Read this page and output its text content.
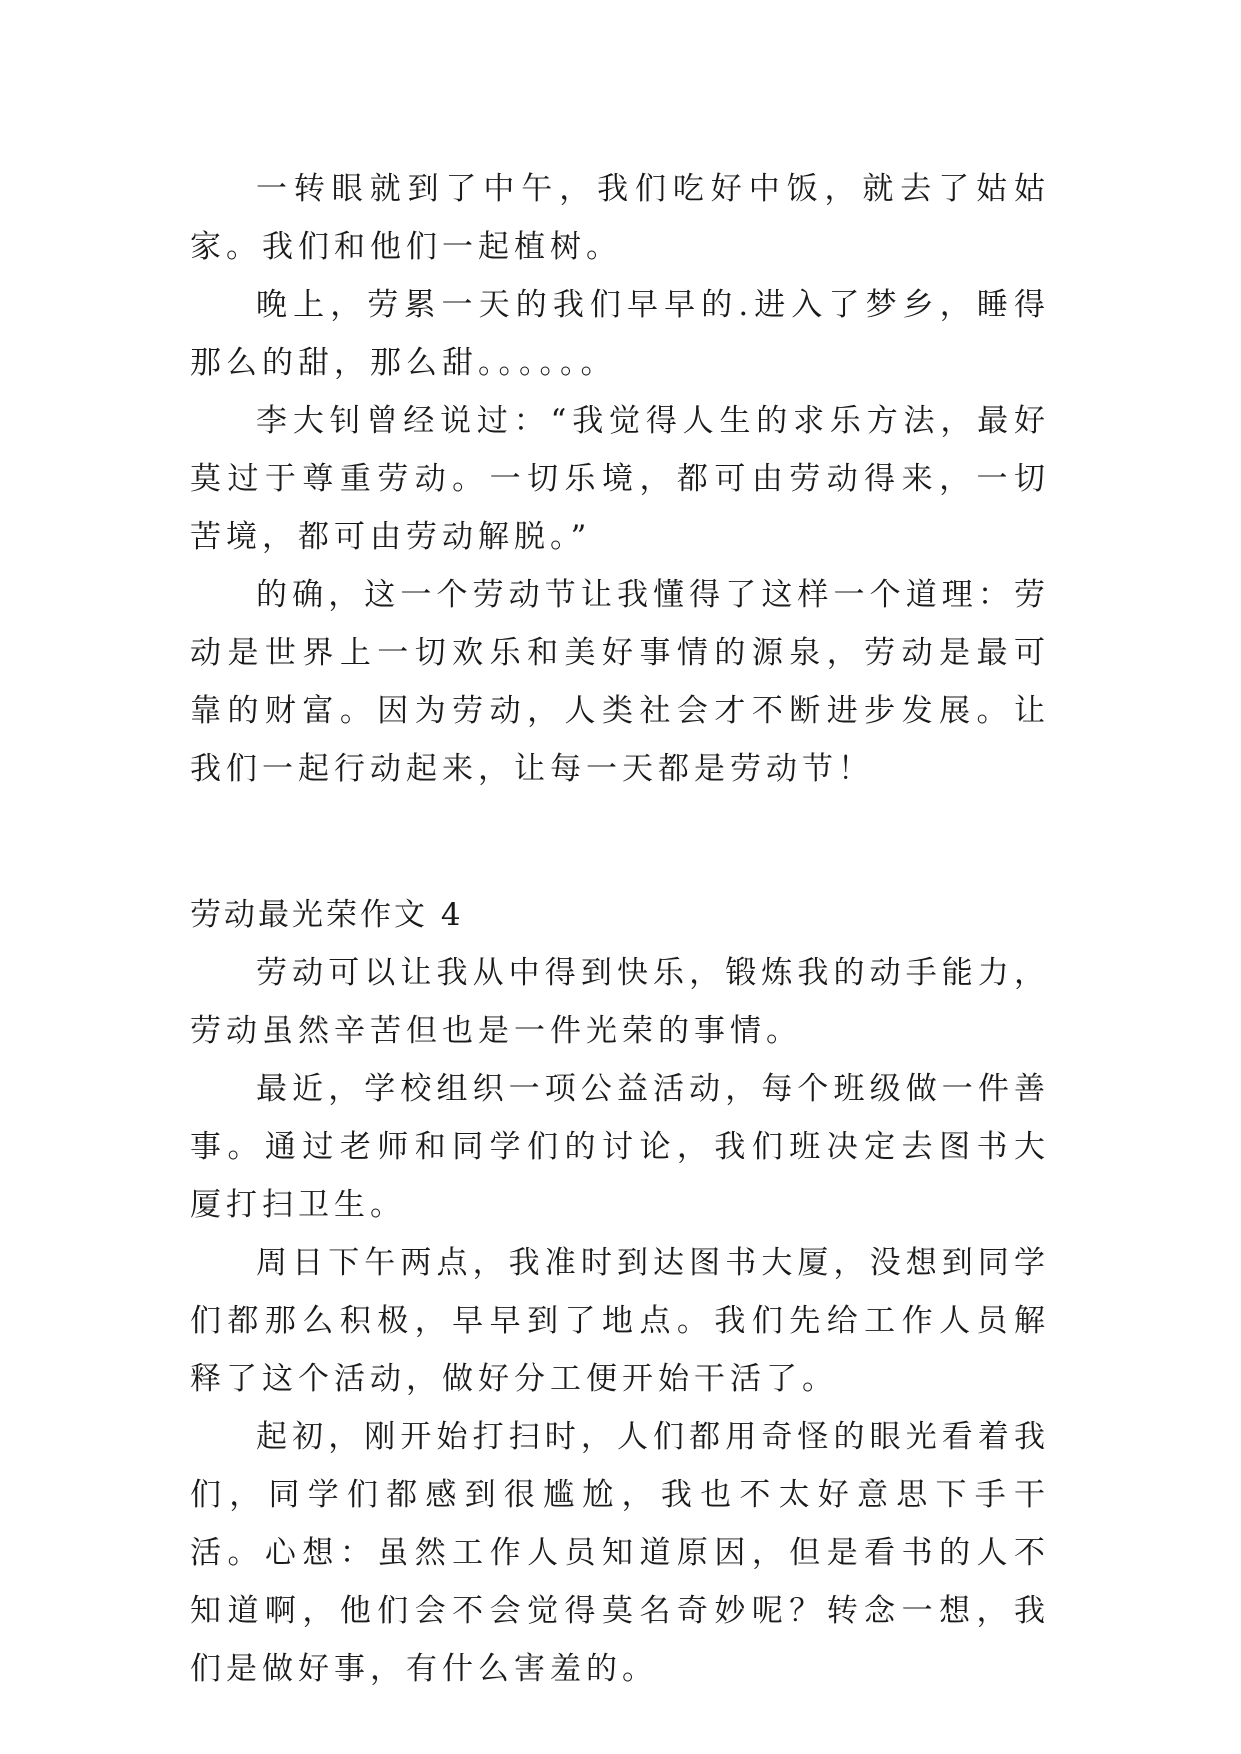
一转眼就到了中午，我们吃好中饭，就去了姑姑家。我们和他们一起植树。

晚上，劳累一天的我们早早的.进入了梦乡，睡得那么的甜，那么甜。。。。。。

李大钊曾经说过：“我觉得人生的求乐方法，最好莫过于尊重劳动。一切乐境，都可由劳动得来，一切苦境，都可由劳动解脱。”

的确，这一个劳动节让我懂得了这样一个道理：劳动是世界上一切欢乐和美好事情的源泉，劳动是最可靠的财富。因为劳动，人类社会才不断进步发展。让我们一起行动起来，让每一天都是劳动节！

劳动最光荣作文 4

劳动可以让我从中得到快乐，锻炼我的动手能力，劳动虽然辛苦但也是一件光荣的事情。

最近，学校组织一项公益活动，每个班级做一件善事。通过老师和同学们的讨论，我们班决定去图书大厦打扫卫生。

周日下午两点，我准时到达图书大厦，没想到同学们都那么积极，早早到了地点。我们先给工作人员解释了这个活动，做好分工便开始干活了。

起初，刚开始打扫时，人们都用奇怪的眼光看着我们，同学们都感到很尴尬，我也不太好意思下手干活。心想：虽然工作人员知道原因，但是看书的人不知道啊，他们会不会觉得莫名奇妙呢？转念一想，我们是做好事，有什么害羞的。
